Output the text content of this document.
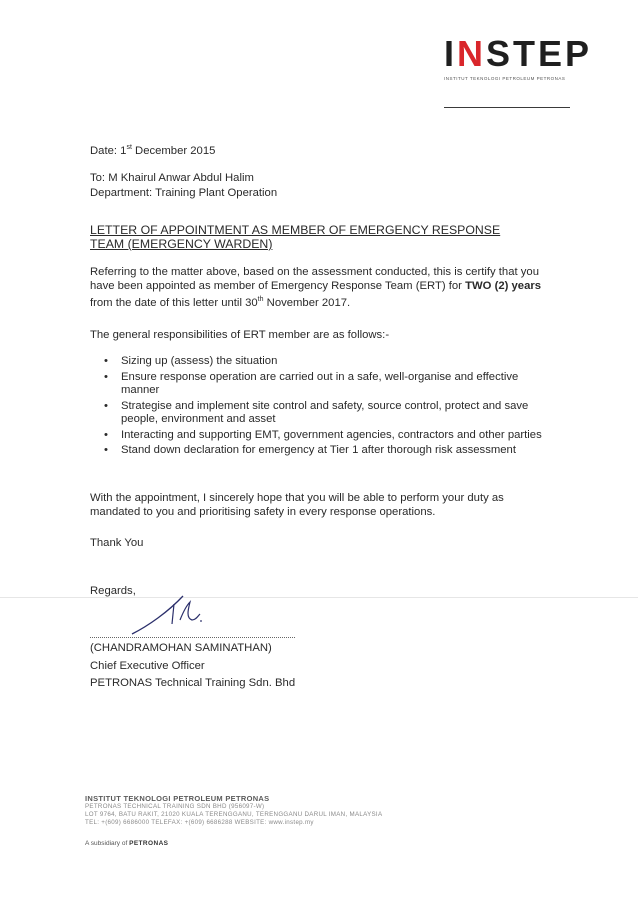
INSTEP
INSTITUT TEKNOLOGI PETROLEUM PETRONAS
Date: 1st December 2015
To: M Khairul Anwar Abdul Halim
Department: Training Plant Operation
LETTER OF APPOINTMENT AS MEMBER OF EMERGENCY RESPONSE TEAM (EMERGENCY WARDEN)
Referring to the matter above, based on the assessment conducted, this is certify that you have been appointed as member of Emergency Response Team (ERT) for TWO (2) years from the date of this letter until 30th November 2017.
The general responsibilities of ERT member are as follows:-
• Sizing up (assess) the situation
• Ensure response operation are carried out in a safe, well-organise and effective manner
• Strategise and implement site control and safety, source control, protect and save people, environment and asset
• Interacting and supporting EMT, government agencies, contractors and other parties
• Stand down declaration for emergency at Tier 1 after thorough risk assessment
With the appointment, I sincerely hope that you will be able to perform your duty as mandated to you and prioritising safety in every response operations.
Thank You
Regards,
(CHANDRAMOHAN SAMINATHAN)
Chief Executive Officer
PETRONAS Technical Training Sdn. Bhd
INSTITUT TEKNOLOGI PETROLEUM PETRONAS
PETRONAS TECHNICAL TRAINING SDN BHD (956097-W)
LOT 9764, BATU RAKIT, 21020 KUALA TERENGGANU, TERENGGANU DARUL IMAN, MALAYSIA
TEL: +(609) 6686000 TELEFAX: +(609) 6686288 WEBSITE: www.instep.my
A subsidiary of PETRONAS
